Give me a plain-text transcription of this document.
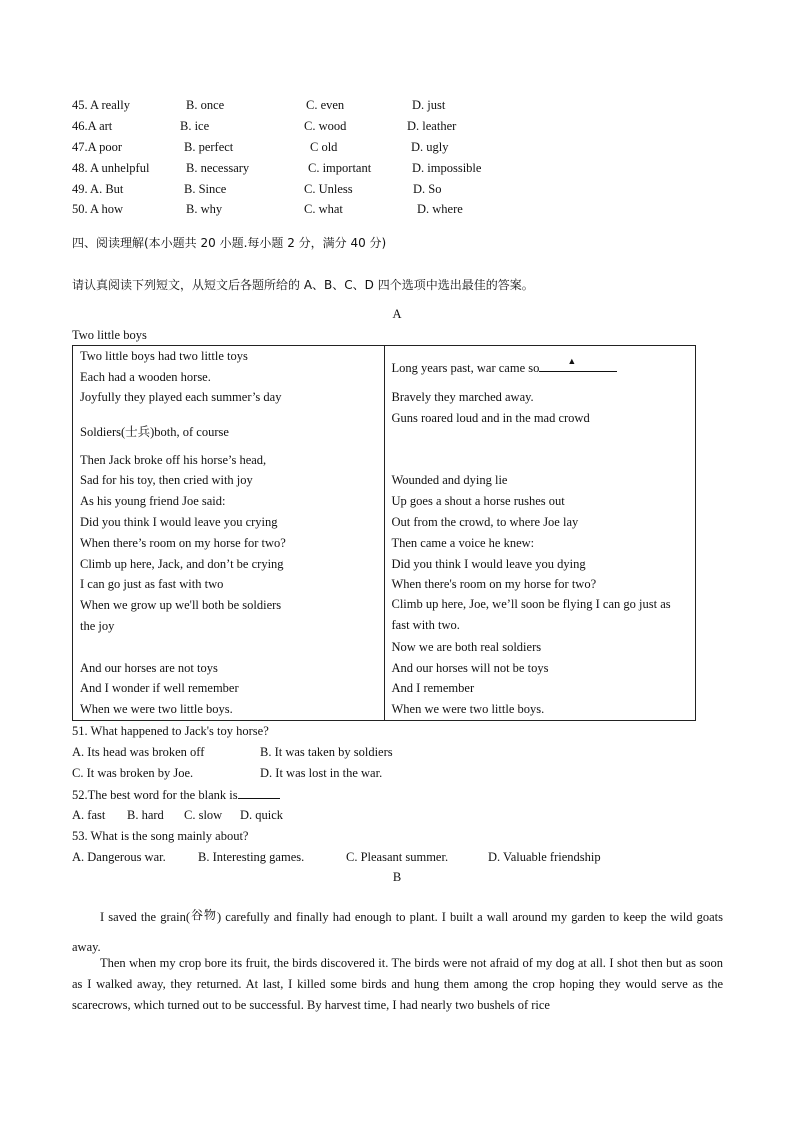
45. A really	B. once	C. even	D. just
46.A art	B. ice	C. wood	D. leather
47.A poor	B. perfect	C old	D. ugly
48. A unhelpful	B. necessary	C. important	D. impossible
49. A. But	B. Since	C. Unless	D. So
50. A how	B. why	C. what	D. where
四、阅读理解(本小题共 20 小题.每小题 2 分，满分 40 分)
请认真阅读下列短文，从短文后各题所给的 A、B、C、D 四个选项中选出最佳的答案。
A
Two little boys
Two little boys had two little toys
Each had a wooden horse.
Joyfully they played each summer’s day
Soldiers(士兵)both, of course
Then Jack broke off his horse’s head,
Sad for his toy, then cried with joy
As his young friend Joe said:
Did you think I would leave you crying
When there’s room on my horse for two?
Climb up here, Jack, and don’t be crying
I can go just as fast with two
When we grow up we'll both be soldiers
the joy
And our horses are not toys
And I wonder if well remember
When we were two little boys.

Long years past, war came so	▲
Bravely they marched away.
Guns roared loud and in the mad crowd
Wounded and dying lie
Up goes a shout a horse rushes out
Out from the crowd, to where Joe lay
Then came a voice he knew:
Did you think I would leave you dying
When there's room on my horse for two?
Climb up here, Joe, we’ll soon be flying I can go just as fast with two.
Now we are both real soldiers
And our horses will not be toys
And I remember
When we were two little boys.
51. What happened to Jack's toy horse?
A. Its head was broken off	B. It was taken by soldiers
C. It was broken by Joe.	D. It was lost in the war.
52.The best word for the blank is
A. fast B. hard C. slow D. quick
53. What is the song mainly about?
A. Dangerous war.	B. Interesting games.	C. Pleasant summer.	D. Valuable friendship
B
I saved the grain(谷物) carefully and finally had enough to plant. I built a wall around my garden to keep the wild goats away.
Then when my crop bore its fruit, the birds discovered it. The birds were not afraid of my dog at all. I shot then but as soon as I walked away, they returned. At last, I killed some birds and hung them among the crop hoping they would serve as the scarecrows, which turned out to be successful. By harvest time, I had nearly two bushels of rice
